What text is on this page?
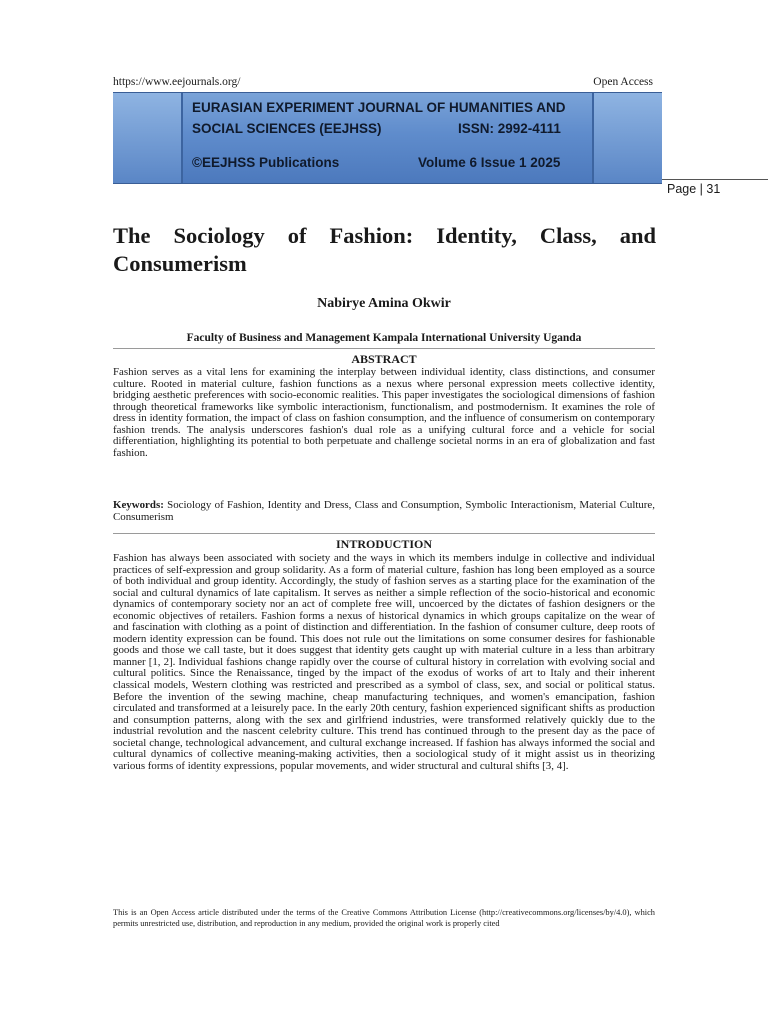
https://www.eejournals.org/	Open Access
EURASIAN EXPERIMENT JOURNAL OF HUMANITIES AND
SOCIAL SCIENCES (EEJHSS)	ISSN: 2992-4111
©EEJHSS Publications	Volume 6 Issue 1 2025
Page | 31
The Sociology of Fashion: Identity, Class, and Consumerism
Nabirye Amina Okwir
Faculty of Business and Management Kampala International University Uganda
ABSTRACT
Fashion serves as a vital lens for examining the interplay between individual identity, class distinctions, and consumer culture. Rooted in material culture, fashion functions as a nexus where personal expression meets collective identity, bridging aesthetic preferences with socio-economic realities. This paper investigates the sociological dimensions of fashion through theoretical frameworks like symbolic interactionism, functionalism, and postmodernism. It examines the role of dress in identity formation, the impact of class on fashion consumption, and the influence of consumerism on contemporary fashion trends. The analysis underscores fashion's dual role as a unifying cultural force and a vehicle for social differentiation, highlighting its potential to both perpetuate and challenge societal norms in an era of globalization and fast fashion.
Keywords: Sociology of Fashion, Identity and Dress, Class and Consumption, Symbolic Interactionism, Material Culture, Consumerism
INTRODUCTION
Fashion has always been associated with society and the ways in which its members indulge in collective and individual practices of self-expression and group solidarity. As a form of material culture, fashion has long been employed as a source of both individual and group identity. Accordingly, the study of fashion serves as a starting place for the examination of the social and cultural dynamics of late capitalism. It serves as neither a simple reflection of the socio-historical and economic dynamics of contemporary society nor an act of complete free will, uncoerced by the dictates of fashion designers or the economic objectives of retailers. Fashion forms a nexus of historical dynamics in which groups capitalize on the wear of and fascination with clothing as a point of distinction and differentiation. In the fashion of consumer culture, deep roots of modern identity expression can be found. This does not rule out the limitations on some consumer desires for fashionable goods and those we call taste, but it does suggest that identity gets caught up with material culture in a less than arbitrary manner [1, 2]. Individual fashions change rapidly over the course of cultural history in correlation with evolving social and cultural politics. Since the Renaissance, tinged by the impact of the exodus of works of art to Italy and their inherent classical models, Western clothing was restricted and prescribed as a symbol of class, sex, and social or political status. Before the invention of the sewing machine, cheap manufacturing techniques, and women's emancipation, fashion circulated and transformed at a leisurely pace. In the early 20th century, fashion experienced significant shifts as production and consumption patterns, along with the sex and girlfriend industries, were transformed relatively quickly due to the industrial revolution and the nascent celebrity culture. This trend has continued through to the present day as the pace of societal change, technological advancement, and cultural exchange increased. If fashion has always informed the social and cultural dynamics of collective meaning-making activities, then a sociological study of it might assist us in theorizing various forms of identity expressions, popular movements, and wider structural and cultural shifts [3, 4].
This is an Open Access article distributed under the terms of the Creative Commons Attribution License (http://creativecommons.org/licenses/by/4.0), which permits unrestricted use, distribution, and reproduction in any medium, provided the original work is properly cited
